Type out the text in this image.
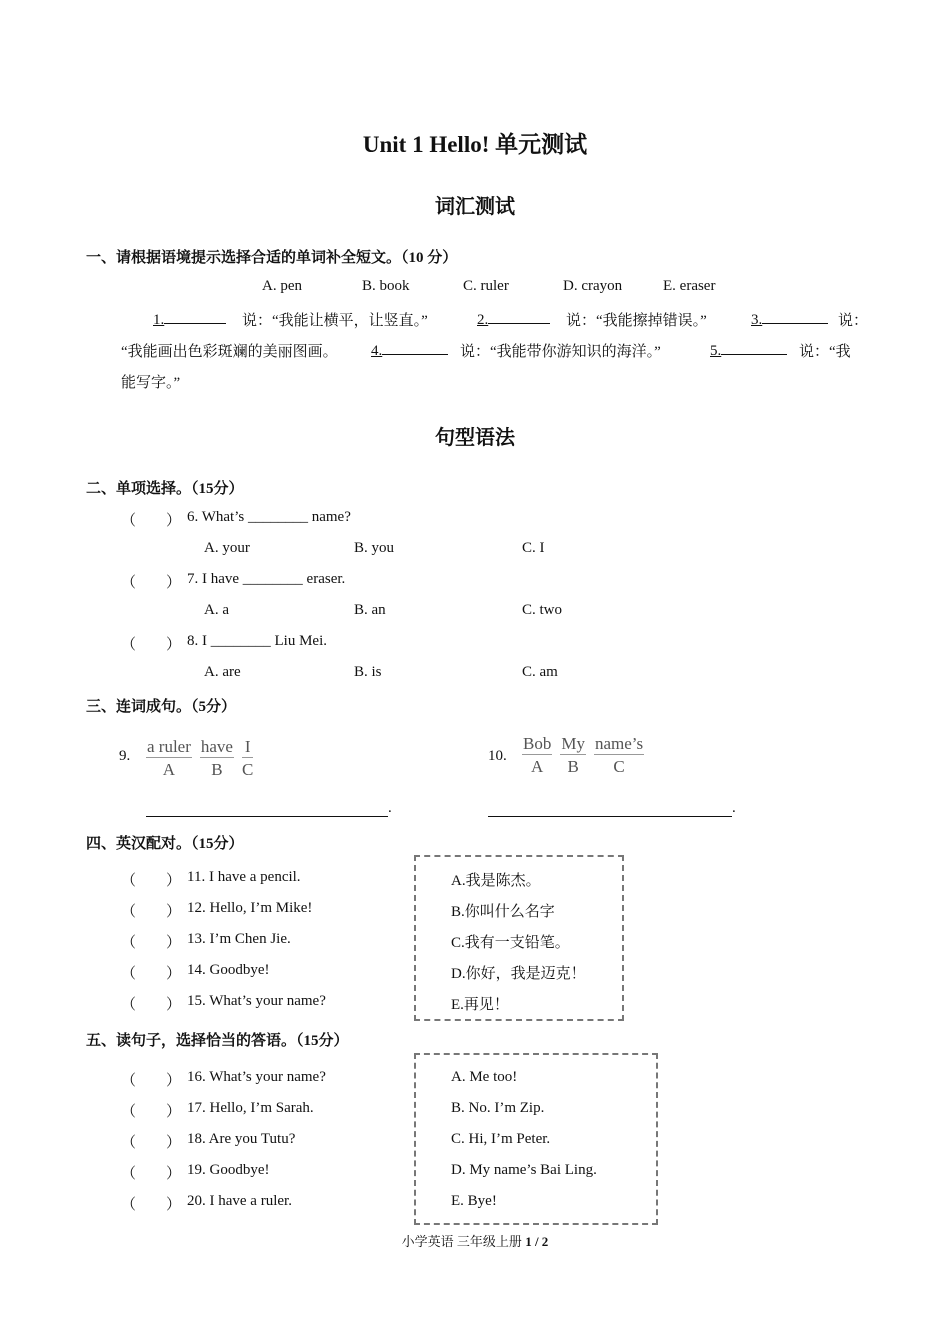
Unit 1 Hello! 单元测试
词汇测试
一、请根据语境提示选择合适的单词补全短文。（10 分）
A. pen	B. book	C. ruler	D. crayon	E. eraser
1.	说：“我能让横平，让竖直。”	2.	说：“我能擦掉错误。”	3.	说：
“我能画出色彩斑斓的美丽图画。 4.	说：“我能带你游知识的海洋。”	5.	说：“我
能写字。”
句型语法
二、单项选择。（15分）
（　　） 6. What’s ________ name?
A. your	B. you	C. I
（　　） 7. I have ________ eraser.
A. a	B. an	C. two
（　　） 8. I ________ Liu Mei.
A. are	B. is	C. am
三、连词成句。（5分）
9. a ruler
A
have
B
I
C
10.
Bob
A
My
B
name’s
C
.	.
四、英汉配对。（15分）
（　　） 11. I have a pencil.
（　　） 12. Hello, I’m Mike!
（　　） 13. I’m Chen Jie.
（　　） 14. Goodbye!
（　　） 15. What’s your name?
A.我是陈杰。
B.你叫什么名字
C.我有一支铅笔。
D.你好，我是迈克！
E.再见！
五、读句子，选择恰当的答语。（15分）
（　　） 16. What’s your name?
（　　） 17. Hello, I’m Sarah.
（　　） 18. Are you Tutu?
（　　） 19. Goodbye!
（　　） 20. I have a ruler.
A. Me too!
B. No. I’m Zip.
C. Hi, I’m Peter.
D. My name’s Bai Ling.
E. Bye!
小学英语 三年级上册 1 / 2
